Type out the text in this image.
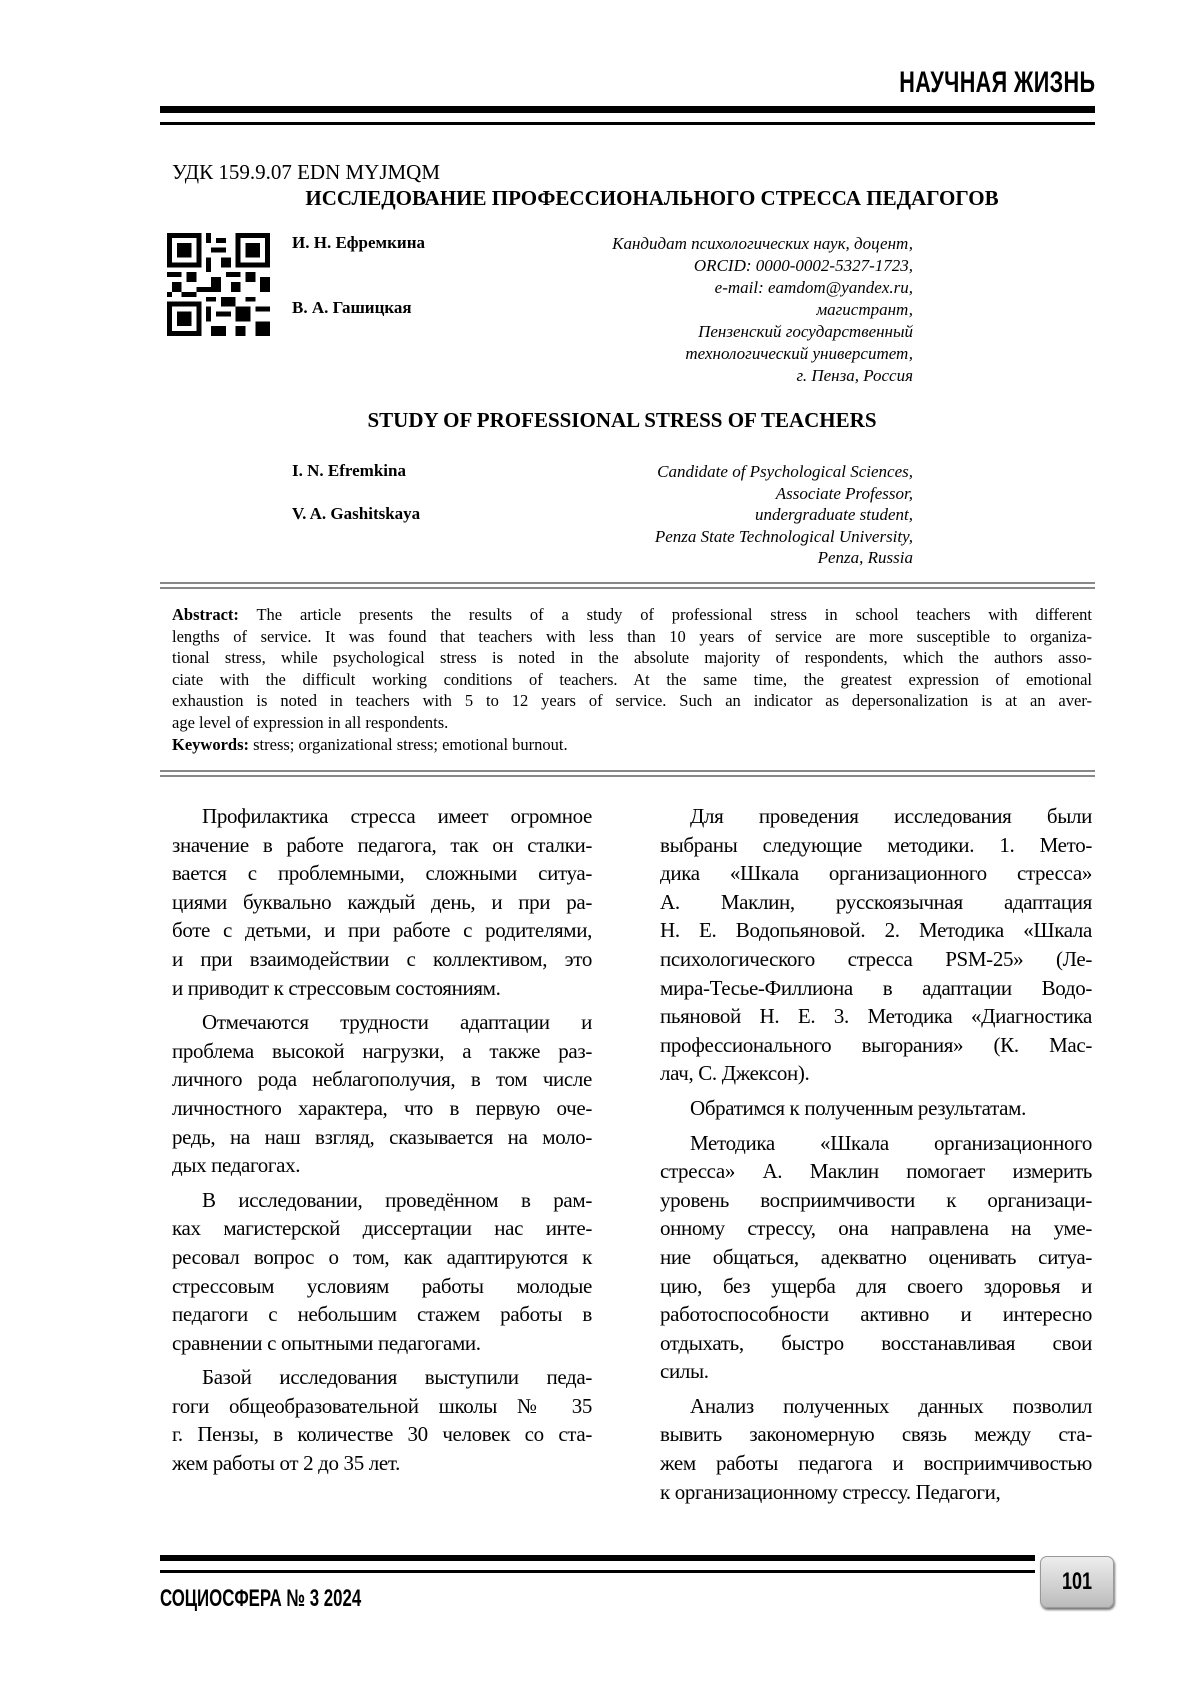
НАУЧНАЯ ЖИЗНЬ
УДК 159.9.07 EDN MYJMQM
ИССЛЕДОВАНИЕ ПРОФЕССИОНАЛЬНОГО СТРЕССА ПЕДАГОГОВ
И. Н. Ефремкина
В. А. Гашицкая
Кандидат психологических наук, доцент,
ORCID: 0000-0002-5327-1723,
e-mail: eamdom@yandex.ru,
магистрант,
Пензенский государственный
технологический университет,
г. Пенза, Россия
STUDY OF PROFESSIONAL STRESS OF TEACHERS
I. N. Efremkina
V. A. Gashitskaya
Candidate of Psychological Sciences,
Associate Professor,
undergraduate student,
Penza State Technological University,
Penza, Russia
Abstract: The article presents the results of a study of professional stress in school teachers with different
lengths of service. It was found that teachers with less than 10 years of service are more susceptible to organiza-
tional stress, while psychological stress is noted in the absolute majority of respondents, which the authors asso-
ciate with the difficult working conditions of teachers. At the same time, the greatest expression of emotional
exhaustion is noted in teachers with 5 to 12 years of service. Such an indicator as depersonalization is at an aver-
age level of expression in all respondents.
Keywords: stress; organizational stress; emotional burnout.
Профилактика стресса имеет огромное
значение в работе педагога, так он сталки-
вается с проблемными, сложными ситуа-
циями буквально каждый день, и при ра-
боте с детьми, и при работе с родителями,
и при взаимодействии с коллективом, это
и приводит к стрессовым состояниям.
Отмечаются трудности адаптации и
проблема высокой нагрузки, а также раз-
личного рода неблагополучия, в том числе
личностного характера, что в первую оче-
редь, на наш взгляд, сказывается на моло-
дых педагогах.
В исследовании, проведённом в рам-
ках магистерской диссертации нас инте-
ресовал вопрос о том, как адаптируются к
стрессовым условиям работы молодые
педагоги с небольшим стажем работы в
сравнении с опытными педагогами.
Базой исследования выступили педа-
гоги общеобразовательной школы № 35
г. Пензы, в количестве 30 человек со ста-
жем работы от 2 до 35 лет.
Для проведения исследования были
выбраны следующие методики. 1. Мето-
дика «Шкала организационного стресса»
А. Маклин, русскоязычная адаптация
Н. Е. Водопьяновой. 2. Методика «Шкала
психологического стресса PSM-25» (Ле-
мира-Тесье-Филлиона в адаптации Водо-
пьяновой Н. Е. 3. Методика «Диагностика
профессионального выгорания» (К. Мас-
лач, С. Джексон).
Обратимся к полученным результатам.
Методика «Шкала организационного
стресса» А. Маклин помогает измерить
уровень восприимчивости к организаци-
онному стрессу, она направлена на уме-
ние общаться, адекватно оценивать ситуа-
цию, без ущерба для своего здоровья и
работоспособности активно и интересно
отдыхать, быстро восстанавливая свои
силы.
Анализ полученных данных позволил
вывить закономерную связь между ста-
жем работы педагога и восприимчивостью
к организационному стрессу. Педагоги,
СОЦИОСФЕРА № 3 2024
101
